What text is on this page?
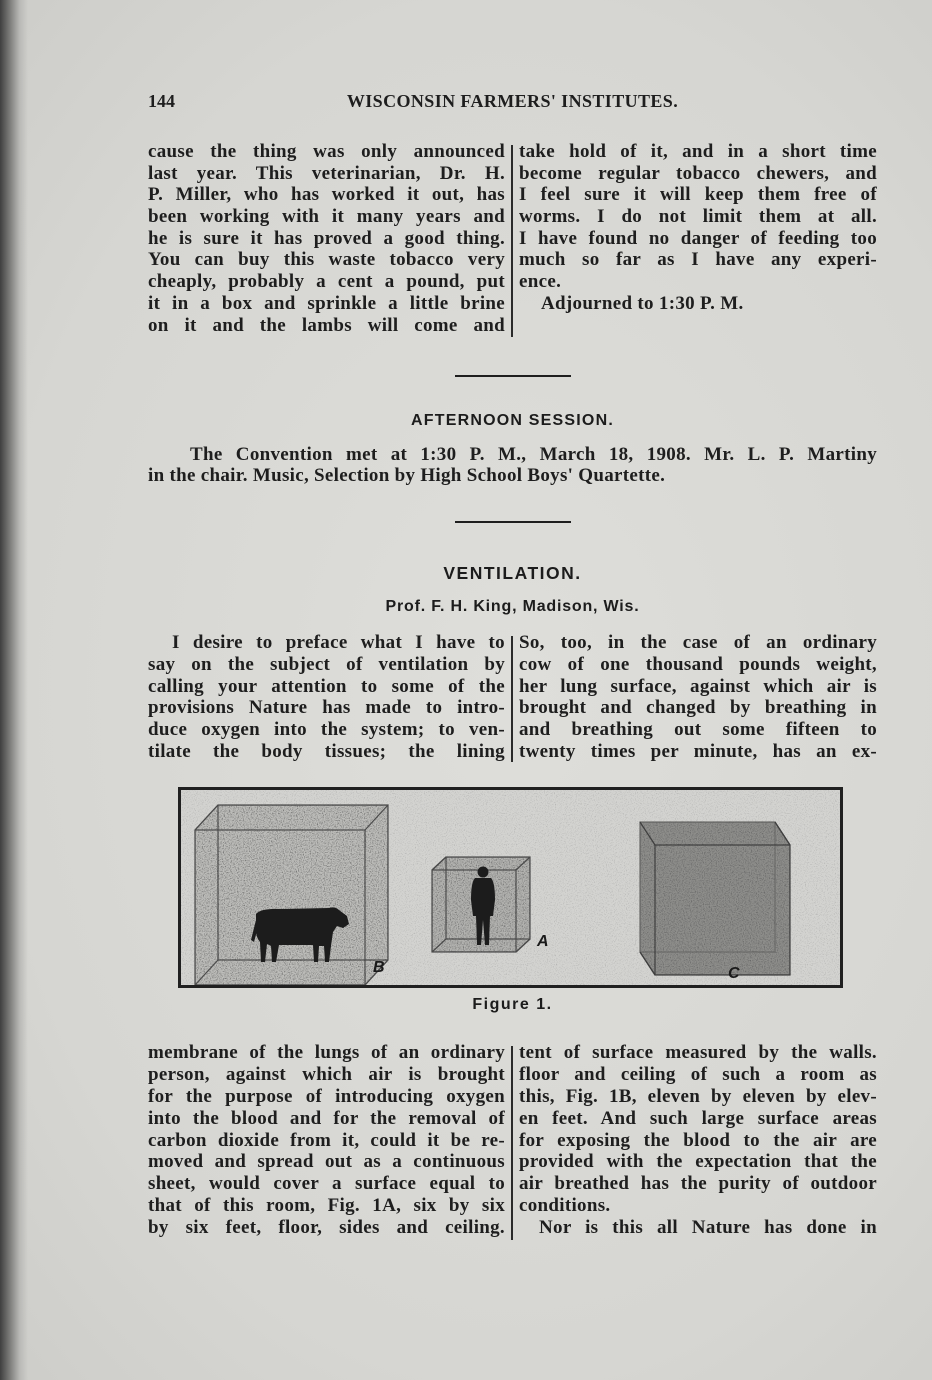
144	WISCONSIN FARMERS' INSTITUTES.
cause the thing was only announced
last year. This veterinarian, Dr. H.
P. Miller, who has worked it out, has
been working with it many years and
he is sure it has proved a good thing.
You can buy this waste tobacco very
cheaply, probably a cent a pound, put
it in a box and sprinkle a little brine
on it and the lambs will come and
take hold of it, and in a short time
become regular tobacco chewers, and
I feel sure it will keep them free of
worms. I do not limit them at all.
I have found no danger of feeding too
much so far as I have any experi-
ence.
Adjourned to 1:30 P. M.
AFTERNOON SESSION.
The Convention met at 1:30 P. M., March 18, 1908. Mr. L. P. Martiny
in the chair. Music, Selection by High School Boys' Quartette.
VENTILATION.
Prof. F. H. King, Madison, Wis.
I desire to preface what I have to
say on the subject of ventilation by
calling your attention to some of the
provisions Nature has made to intro-
duce oxygen into the system; to ven-
tilate the body tissues; the lining
So, too, in the case of an ordinary
cow of one thousand pounds weight,
her lung surface, against which air is
brought and changed by breathing in
and breathing out some fifteen to
twenty times per minute, has an ex-
B
A
C
Figure 1.
membrane of the lungs of an ordinary
person, against which air is brought
for the purpose of introducing oxygen
into the blood and for the removal of
carbon dioxide from it, could it be re-
moved and spread out as a continuous
sheet, would cover a surface equal to
that of this room, Fig. 1A, six by six
by six feet, floor, sides and ceiling.
tent of surface measured by the walls.
floor and ceiling of such a room as
this, Fig. 1B, eleven by eleven by elev-
en feet. And such large surface areas
for exposing the blood to the air are
provided with the expectation that the
air breathed has the purity of outdoor
conditions.
Nor is this all Nature has done in
